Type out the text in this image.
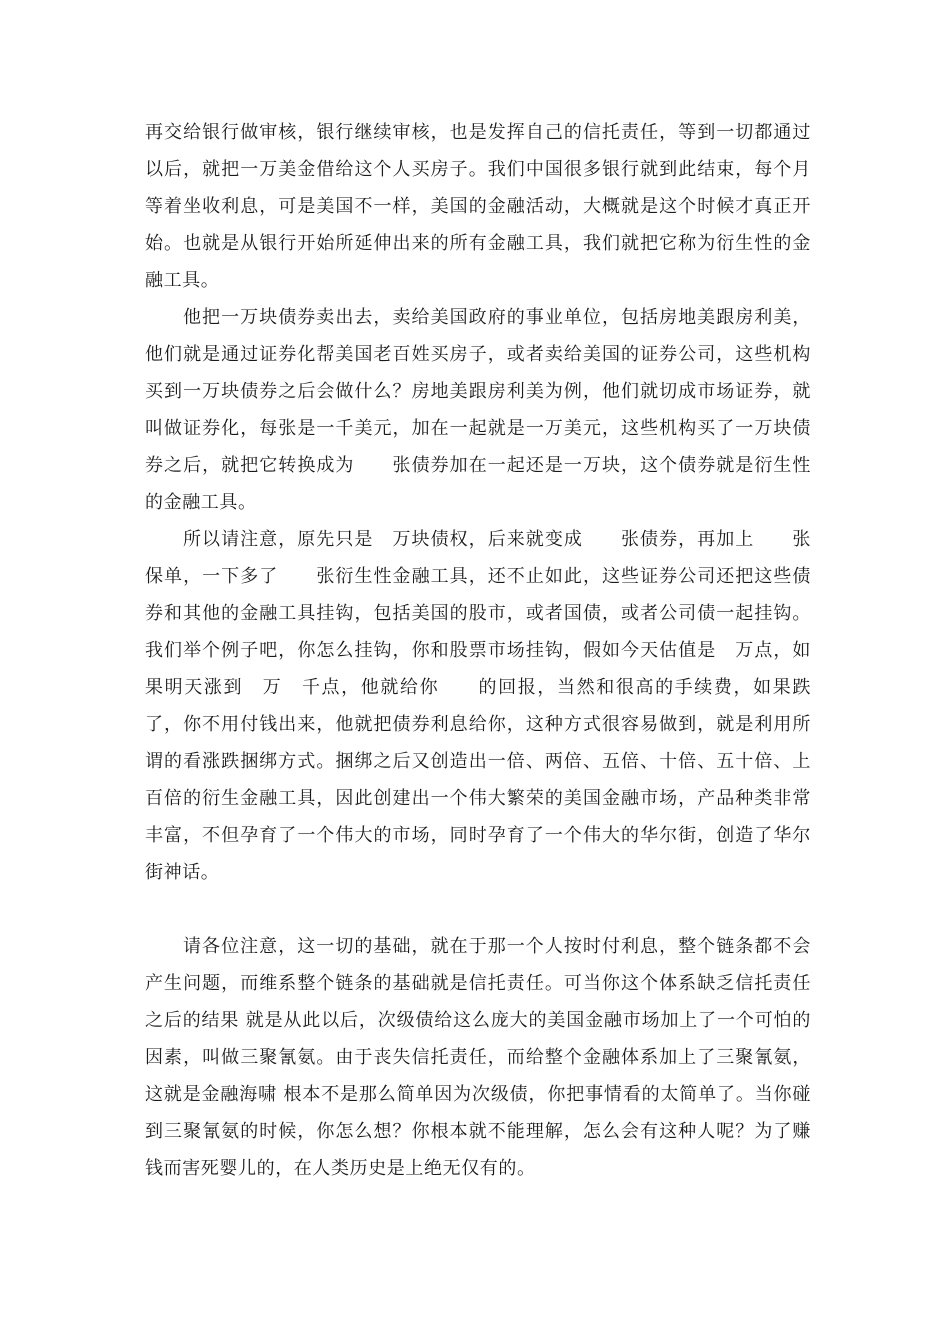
再交给银行做审核，银行继续审核，也是发挥自己的信托责任，等到一切都通过以后，就把一万美金借给这个人买房子。我们中国很多银行就到此结束，每个月等着坐收利息，可是美国不一样，美国的金融活动，大概就是这个时候才真正开始。也就是从银行开始所延伸出来的所有金融工具，我们就把它称为衍生性的金融工具。

他把一万块债券卖出去，卖给美国政府的事业单位，包括房地美跟房利美，他们就是通过证券化帮美国老百姓买房子，或者卖给美国的证券公司，这些机构买到一万块债券之后会做什么？房地美跟房利美为例，他们就切成市场证券，就叫做证券化，每张是一千美元，加在一起就是一万美元，这些机构买了一万块债券之后，就把它转换成为　　张债券加在一起还是一万块，这个债券就是衍生性的金融工具。

所以请注意，原先只是　万块债权，后来就变成　　张债券，再加上　　张保单，一下多了　　张衍生性金融工具，还不止如此，这些证券公司还把这些债券和其他的金融工具挂钩，包括美国的股市，或者国债，或者公司债一起挂钩。我们举个例子吧，你怎么挂钩，你和股票市场挂钩，假如今天估值是　万点，如果明天涨到　万　千点，他就给你　　的回报，当然和很高的手续费，如果跌了，你不用付钱出来，他就把债券利息给你，这种方式很容易做到，就是利用所谓的看涨跌捆绑方式。捆绑之后又创造出一倍、两倍、五倍、十倍、五十倍、上百倍的衍生金融工具，因此创建出一个伟大繁荣的美国金融市场，产品种类非常丰富，不但孕育了一个伟大的市场，同时孕育了一个伟大的华尔街，创造了华尔街神话。

请各位注意，这一切的基础，就在于那一个人按时付利息，整个链条都不会产生问题，而维系整个链条的基础就是信托责任。可当你这个体系缺乏信托责任之后的结果 就是从此以后，次级债给这么庞大的美国金融市场加上了一个可怕的因素，叫做三聚氰氨。由于丧失信托责任，而给整个金融体系加上了三聚氰氨，这就是金融海啸 根本不是那么简单因为次级债，你把事情看的太简单了。当你碰到三聚氰氨的时候，你怎么想？你根本就不能理解，怎么会有这种人呢？为了赚钱而害死婴儿的，在人类历史是上绝无仅有的。
